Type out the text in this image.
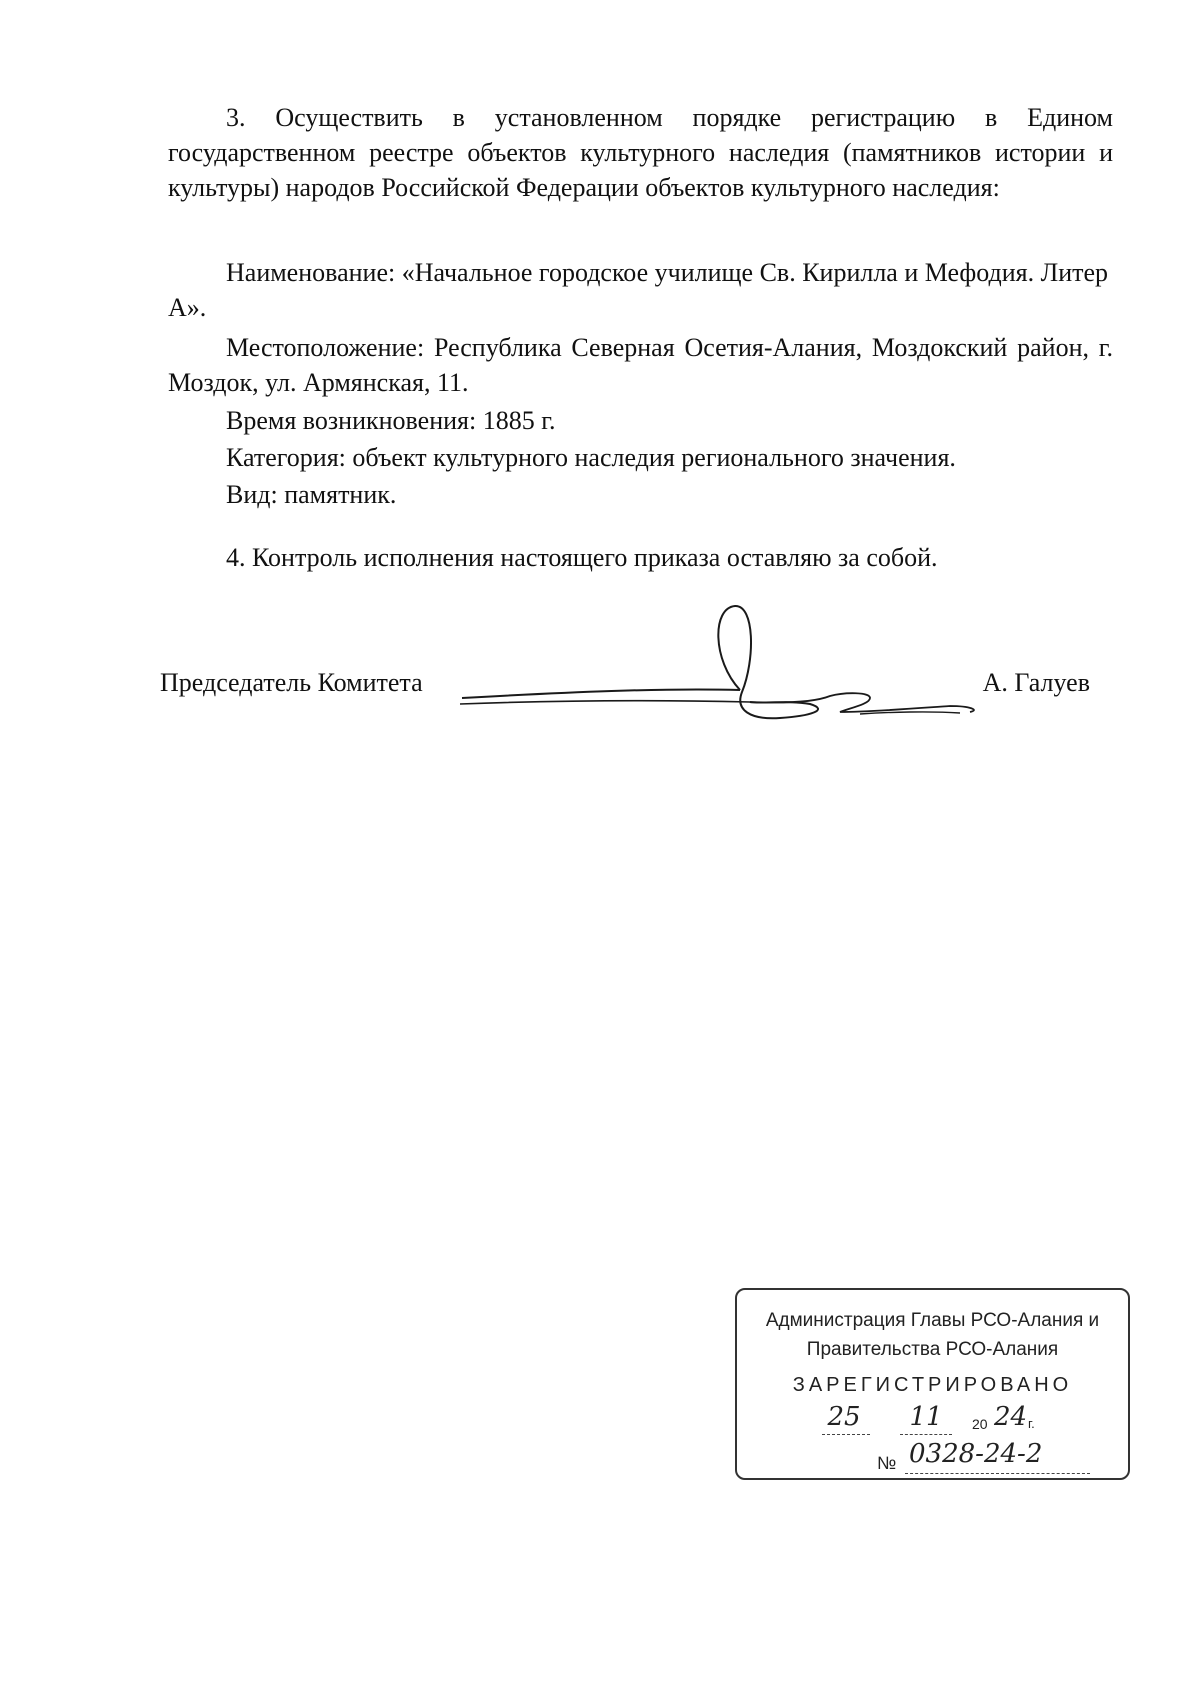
3. Осуществить в установленном порядке регистрацию в Едином государственном реестре объектов культурного наследия (памятников истории и культуры) народов Российской Федерации объектов культурного наследия:

Наименование: «Начальное городское училище Св. Кирилла и Мефодия. Литер А».

Местоположение: Республика Северная Осетия-Алания, Моздокский район, г. Моздок, ул. Армянская, 11.

Время возникновения: 1885 г.

Категория: объект культурного наследия регионального значения.

Вид: памятник.

4. Контроль исполнения настоящего приказа оставляю за собой.

Председатель Комитета	А. Галуев
Администрация Главы РСО-Алания и
Правительства РСО-Алания
ЗАРЕГИСТРИРОВАНО
25 11	20 24 г.
№ 0328-24-2
